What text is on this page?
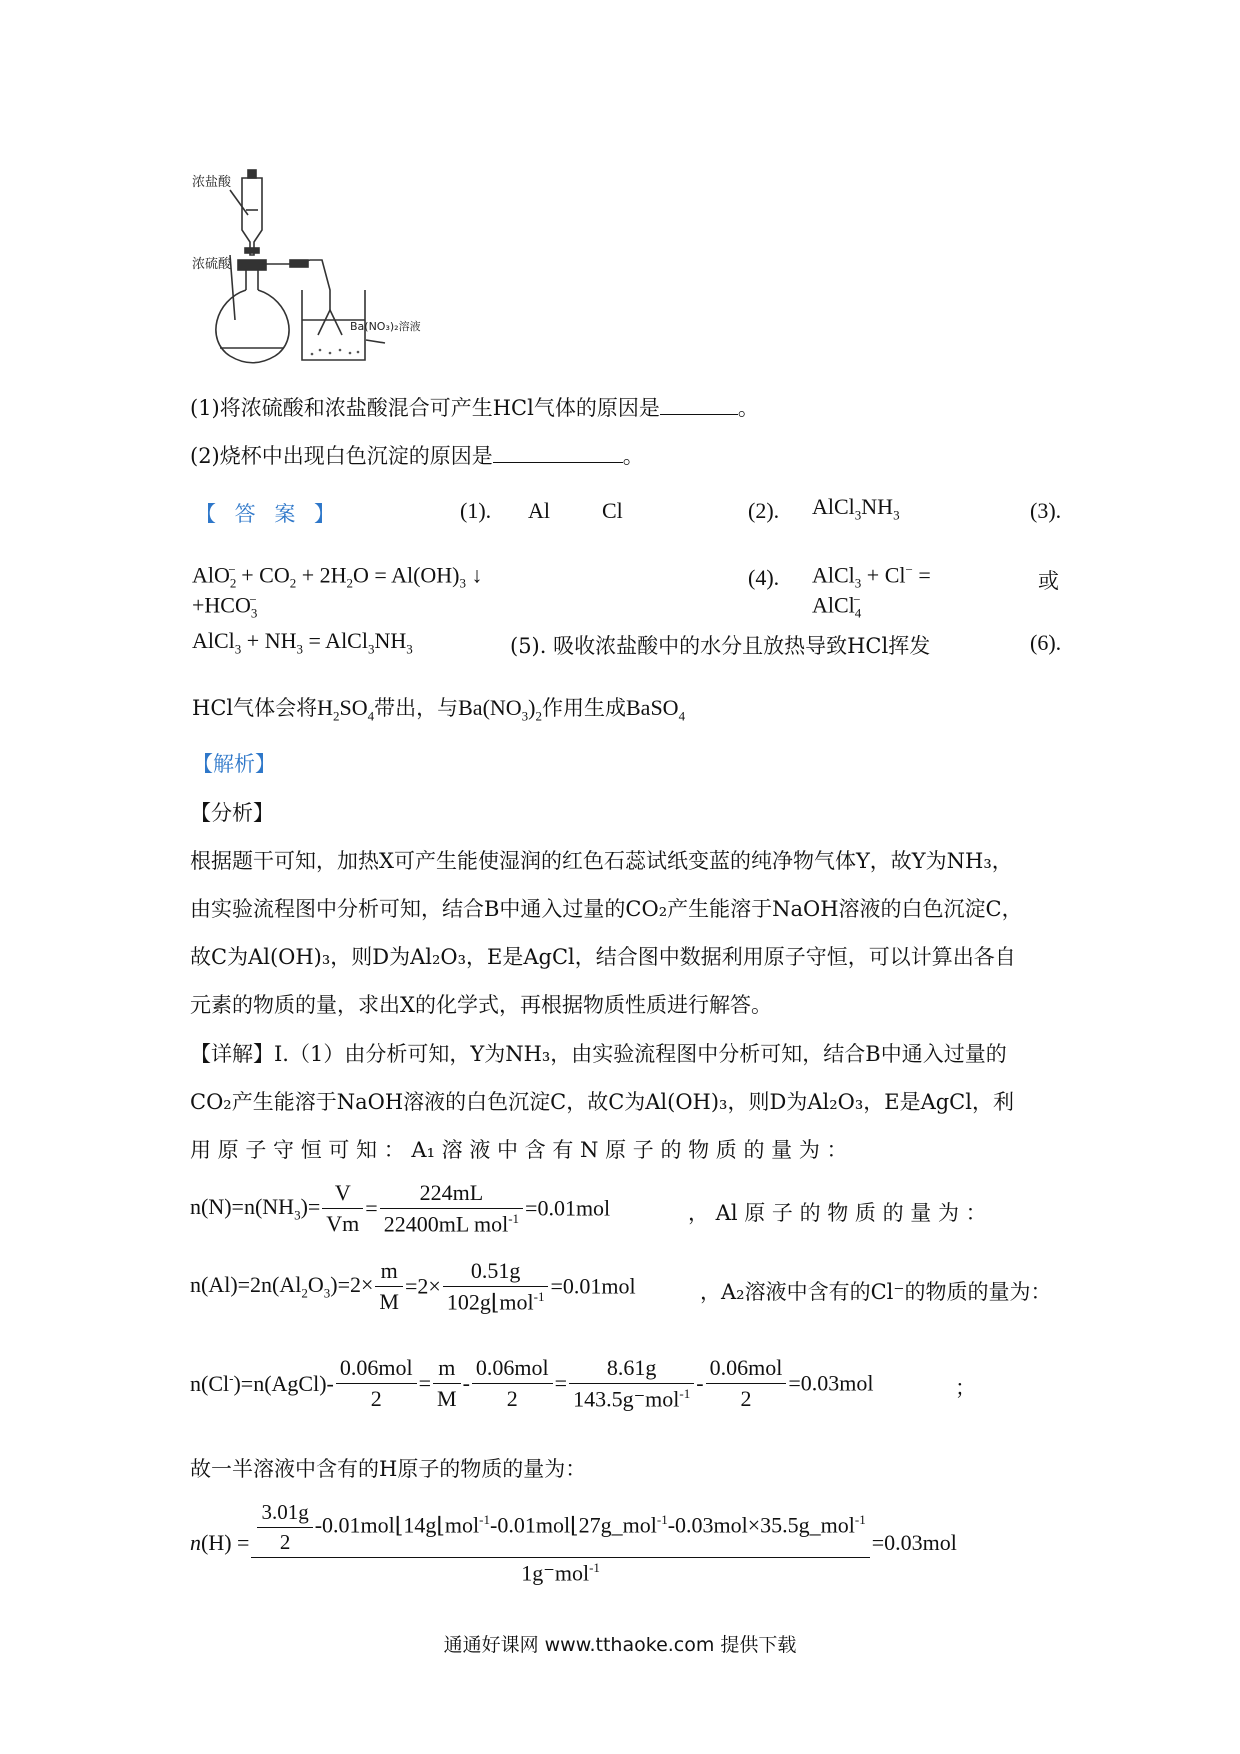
浓盐酸
浓硫酸
Ba(NO₃)₂溶液
(1)将浓硫酸和浓盐酸混合可产生HCl气体的原因是	。
(2)烧杯中出现白色沉淀的原因是	。
【 答 案 】	(1). Al Cl	(2). $AlCl_3NH_3$	(3).
$AlO_2^- + CO_2 + 2H_2O = Al(OH)_3$ ↓ $+HCO_3^-$
(4). AlCl$_3$ + Cl− = AlCl$_4$−
或
AlCl$_3$ + $NH_3$ = $AlCl_3NH_3$	(5). 吸收浓盐酸中的水分且放热导致HCl挥发	(6).
HCl气体会将$H_2SO_4$带出，与$Ba(NO_3)_2$作用生成BaSO$_4$
【解析】
【分析】
根据题干可知，加热X可产生能使湿润的红色石蕊试纸变蓝的纯净物气体Y，故Y为NH₃，
由实验流程图中分析可知，结合B中通入过量的CO₂产生能溶于NaOH溶液的白色沉淀C，
故C为Al(OH)₃，则D为Al₂O₃，E是AgCl，结合图中数据利用原子守恒，可以计算出各自
元素的物质的量，求出X的化学式，再根据物质性质进行解答。
【详解】I.（1）由分析可知，Y为NH₃，由实验流程图中分析可知，结合B中通入过量的
CO₂产生能溶于NaOH溶液的白色沉淀C，故C为Al(OH)₃，则D为Al₂O₃，E是AgCl，利
用 原 子 守 恒 可 知 ： A₁ 溶 液 中 含 有 N 原 子 的 物 质 的 量 为 ：
$n(N)=n(NH_3)= \frac{V}{Vm} = \frac{224mL}{22400mL mol^{-1}} =0.01mol$	， Al 原 子 的 物 质 的 量 为 ：
$n(Al)=2n(Al_2O_3)=2\times \frac{m}{M} =2\times \frac{0.51g}{102g⌊mol^{-1}} =0.01mol$	，A₂溶液中含有的Cl⁻的物质的量为：
n(Cl-)=n(AgCl)- $\frac{\text{0.06mol}}{2} = \frac{m}{M} - \frac{\text{0.06mol}}{2} = \frac{8.61g}{143.5g^-mol^{-1}} - \frac{\text{0.06mol}}{2} =0.03mol$	；
故一半溶液中含有的H原子的物质的量为：
$n(H) = \frac{3.01g}{2}$ -0.01mol⌊14g⌊mol$^{-1}$-0.01mol⌊27g_mol$^{-1}$-0.03mol×35.5g_mol$^{-1}$
1g⁻mol$^{-1}$
=0.03mol
通通好课网 www.tthaoke.com 提供下载
